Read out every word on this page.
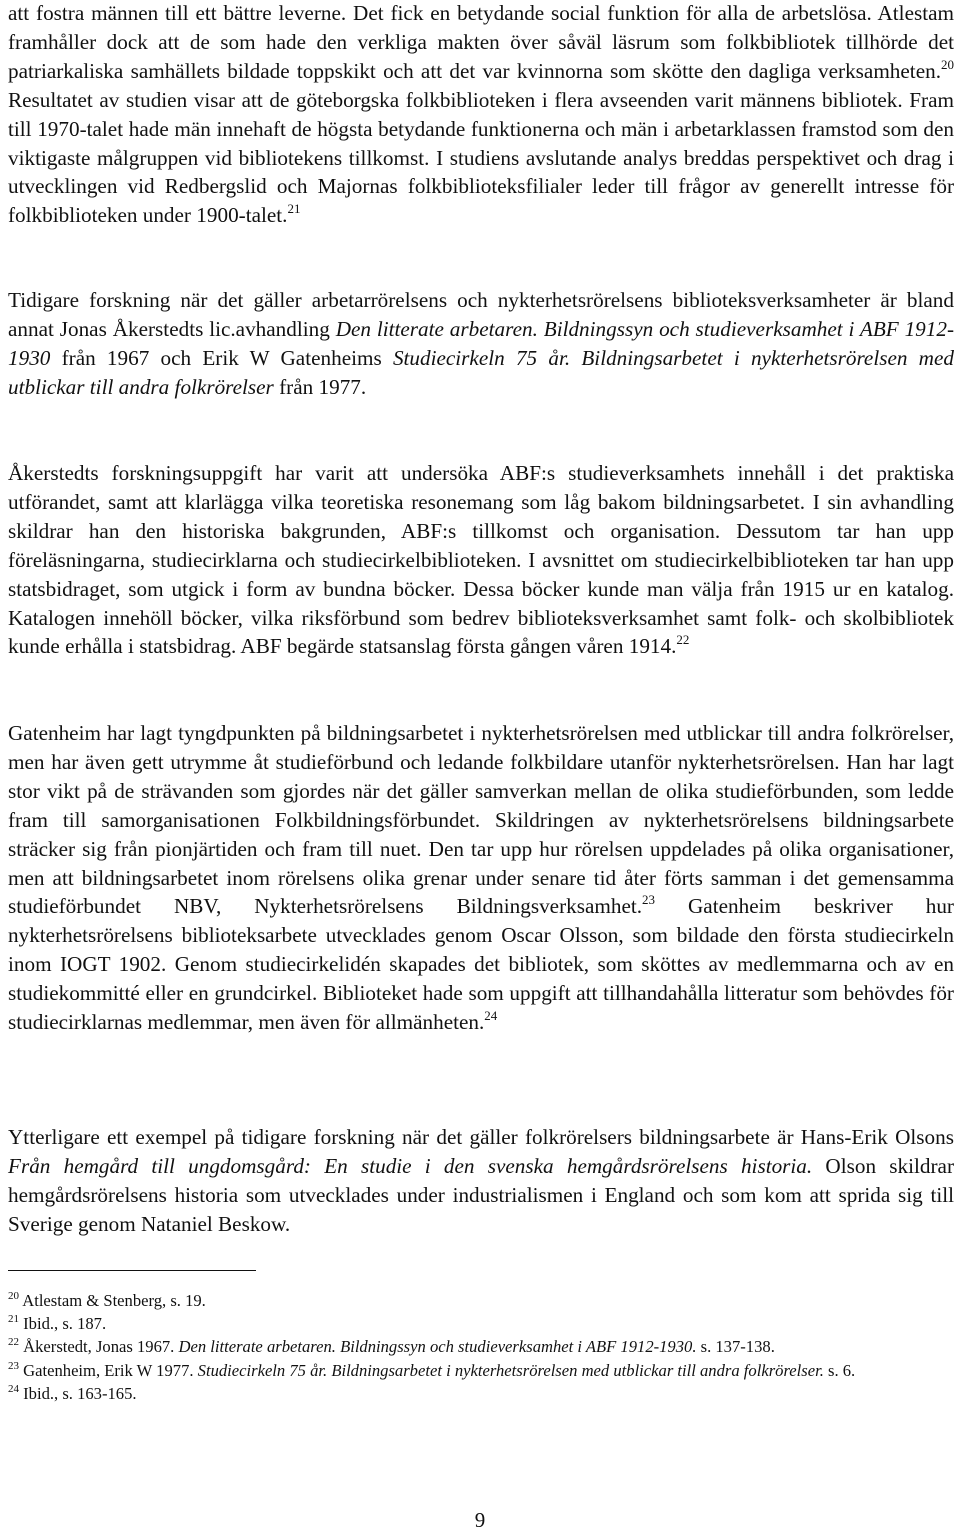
att fostra männen till ett bättre leverne. Det fick en betydande social funktion för alla de arbetslösa. Atlestam framhåller dock att de som hade den verkliga makten över såväl läsrum som folkbibliotek tillhörde det patriarkaliska samhällets bildade toppskikt och att det var kvinnorna som skötte den dagliga verksamheten.$^{20}$ Resultatet av studien visar att de göteborgska folkbiblioteken i flera avseenden varit männens bibliotek. Fram till 1970-talet hade män innehaft de högsta betydande funktionerna och män i arbetarklassen framstod som den viktigaste målgruppen vid bibliotekens tillkomst. I studiens avslutande analys breddas perspektivet och drag i utvecklingen vid Redbergslid och Majornas folkbiblioteksfilialer leder till frågor av generellt intresse för folkbiblioteken under 1900-talet.$^{21}$

Tidigare forskning när det gäller arbetarrörelsens och nykterhetsrörelsens biblioteksverksamheter är bland annat Jonas Åkerstedts lic.avhandling Den litterate arbetaren. Bildningssyn och studieverksamhet i ABF 1912-1930 från 1967 och Erik W Gatenheims Studiecirkeln 75 år. Bildningsarbetet i nykterhetsrörelsen med utblickar till andra folkrörelser från 1977.

Åkerstedts forskningsuppgift har varit att undersöka ABF:s studieverksamhets innehåll i det praktiska utförandet, samt att klarlägga vilka teoretiska resonemang som låg bakom bildningsarbetet. I sin avhandling skildrar han den historiska bakgrunden, ABF:s tillkomst och organisation. Dessutom tar han upp föreläsningarna, studiecirklarna och studiecirkelbiblioteken. I avsnittet om studiecirkelbiblioteken tar han upp statsbidraget, som utgick i form av bundna böcker. Dessa böcker kunde man välja från 1915 ur en katalog. Katalogen innehöll böcker, vilka riksförbund som bedrev biblioteksverksamhet samt folk- och skolbibliotek kunde erhålla i statsbidrag. ABF begärde statsanslag första gången våren 1914.22

Gatenheim har lagt tyngdpunkten på bildningsarbetet i nykterhetsrörelsen med utblickar till andra folkrörelser, men har även gett utrymme åt studieförbund och ledande folkbildare utanför nykterhetsrörelsen. Han har lagt stor vikt på de strävanden som gjordes när det gäller samverkan mellan de olika studieförbunden, som ledde fram till samorganisationen Folkbildningsförbundet. Skildringen av nykterhetsrörelsens bildningsarbete sträcker sig från pionjärtiden och fram till nuet. Den tar upp hur rörelsen uppdelades på olika organisationer, men att bildningsarbetet inom rörelsens olika grenar under senare tid åter förts samman i det gemensamma studieförbundet NBV, Nykterhetsrörelsens Bildningsverksamhet.$^{23}$ Gatenheim beskriver hur nykterhetsrörelsens biblioteksarbete utvecklades genom Oscar Olsson, som bildade den första studiecirkeln inom IOGT 1902. Genom studiecirkelidén skapades det bibliotek, som sköttes av medlemmarna och av en studiekommitté eller en grundcirkel. Biblioteket hade som uppgift att tillhandahålla litteratur som behövdes för studiecirklarnas medlemmar, men även för allmänheten.$^{24}$

Ytterligare ett exempel på tidigare forskning när det gäller folkrörelsers bildningsarbete är Hans-Erik Olsons Från hemgård till ungdomsgård: En studie i den svenska hemgårdsrörelsens historia. Olson skildrar hemgårdsrörelsens historia som utvecklades under industrialismen i England och som kom att sprida sig till Sverige genom Nataniel Beskow.

$^{20}$ Atlestam & Stenberg, s. 19.

$^{21}$ Ibid., s. 187.

$^{22}$ Åkerstedt, Jonas 1967. Den litterate arbetaren. Bildningssyn och studieverksamhet i ABF 1912-1930. s. 137-138.

$^{23}$ Gatenheim, Erik W 1977. Studiecirkeln 75 år. Bildningsarbetet i nykterhetsrörelsen med utblickar till andra folkrörelser. s. 6.

$^{24}$ Ibid., s. 163-165.

9
